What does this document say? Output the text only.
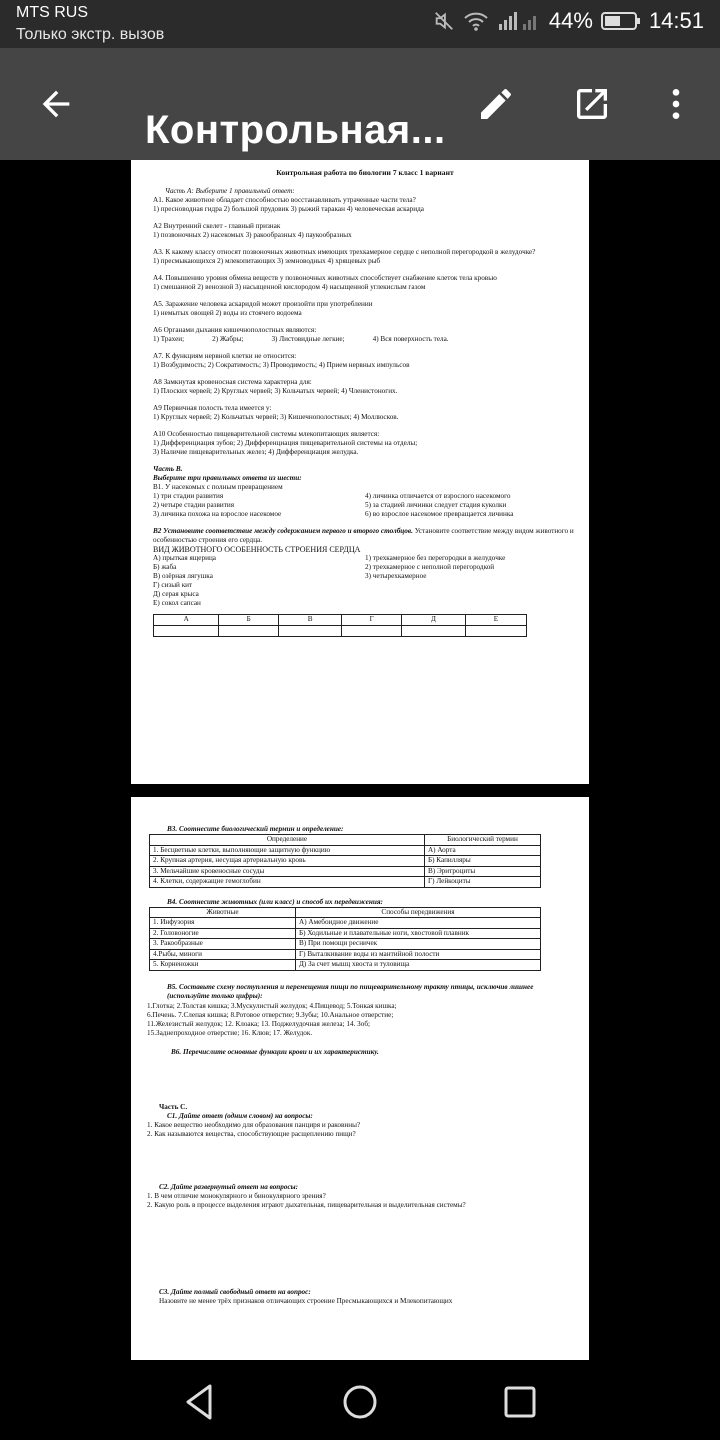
MTS RUS
Только экстр. вызов
44%	14:51
Контрольная...
Контрольная работа по биологии 7 класс 1 вариант
Часть А: Выберите 1 правильный ответ:
А1. Какое животное обладает способностью восстанавливать утраченные части тела?
1) пресноводная гидра 2) большой прудовик 3) рыжий таракан 4) человеческая аскарида
А2 Внутренний скелет - главный признак
1) позвоночных 2) насекомых 3) ракообразных 4) паукообразных
А3. К какому классу относят позвоночных животных имеющих трехкамерное сердце с неполной перегородкой в желудочке?
1) пресмыкающихся 2) млекопитающих 3) земноводных 4) хрящевых рыб
А4. Повышению уровня обмена веществ у позвоночных животных способствует снабжение клеток тела кровью
1) смешанной 2) венозной 3) насыщенной кислородом 4) насыщенной углекислым газом
А5. Заражение человека аскаридой может произойти при употреблении
1) немытых овощей 2) воды из стоячего водоема
А6 Органами дыхания кишечнополостных являются:
1) Трахеи;	2) Жабры;	3) Листовидные легкие;	4) Вся поверхность тела.
А7. К функциям нервной клетки не относится:
1) Возбудимость; 2) Сократимость; 3) Проводимость; 4) Прием нервных импульсов
А8 Замкнутая кровеносная система характерна для:
1) Плоских червей; 2) Круглых червей; 3) Кольчатых червей; 4) Членистоногих.
А9 Первичная полость тела имеется у:
1) Круглых червей; 2) Кольчатых червей; 3) Кишечнополостных; 4) Моллюсков.
А10 Особенностью пищеварительной системы млекопитающих является:
1) Дифференциация зубов; 2) Дифференциация пищеварительной системы на отделы;
3) Наличие пищеварительных желез; 4) Дифференциация желудка.
Часть В.
Выберите три правильных ответа из шести:
В1. У насекомых с полным превращением
1) три стадии развития
2) четыре стадии развития
3) личинка похожа на взрослое насекомое
4) личинка отличается от взрослого насекомого
5) за стадией личинки следует стадия куколки
6) во взрослое насекомое превращается личинка
В2 Установите соответствие между содержанием первого и второго столбцов. Установите соответствие между видом животного и особенностью строения его сердца.
ВИД ЖИВОТНОГО ОСОБЕННОСТЬ СТРОЕНИЯ СЕРДЦА
А) прыткая ящерица
Б) жаба
В) озёрная лягушка
Г) сизый кит
Д) серая крыса
Е) сокол сапсан
1) трехкамерное без перегородки в желудочке
2) трехкамерное с неполной перегородкой
3) четырехкамерное
А	Б	В	Г	Д	Е

В3. Соотнесите биологический термин и определение:
Определение	Биологический термин
1. Бесцветные клетки, выполняющие защитную функцию	А) Аорта
2. Крупная артерия, несущая артериальную кровь	Б) Капилляры
3. Мельчайшие кровеносные сосуды	В) Эритроциты
4. Клетки, содержащие гемоглобин	Г) Лейкоциты
В4. Соотнесите животных (или класс) и способ их передвижения:
Животные	Способы передвижения
1. Инфузория	А) Амебоидное движение
2. Головоногие	Б) Ходильные и плавательные ноги, хвостовой плавник
3. Ракообразные	В) При помощи ресничек
4.Рыбы, миноги	Г) Выталкивание воды из мантийной полости
5. Корненожки	Д) За счет мышц хвоста и туловища
В5. Составьте схему поступления и перемещения пищи по пищеварительному тракту птицы, исключив лишнее (используйте только цифры):
1.Глотка; 2.Толстая кишка; 3.Мускулистый желудок; 4.Пищевод; 5.Тонкая кишка;
6.Печень. 7.Слепая кишка; 8.Ротовое отверстие; 9.Зубы; 10.Анальное отверстие;
11.Железистый желудок; 12. Клоака; 13. Поджелудочная железа; 14. Зоб;
15.Заднепроходное отверстие; 16. Клюв; 17. Желудок.
В6. Перечислите основные функции крови и их характеристику.
Часть С.
С1. Дайте ответ (одним словом) на вопросы:
1. Какое вещество необходимо для образования панциря и раковины?
2. Как называются вещества, способствующие расщеплению пищи?
С2. Дайте развернутый ответ на вопросы:
1. В чем отличие монокулярного и бинокулярного зрения?
2. Какую роль в процессе выделения играют дыхательная, пищеварительная и выделительная системы?
С3. Дайте полный свободный ответ на вопрос:
Назовите не менее трёх признаков отличающих строение Пресмыкающихся и Млекопитающих
